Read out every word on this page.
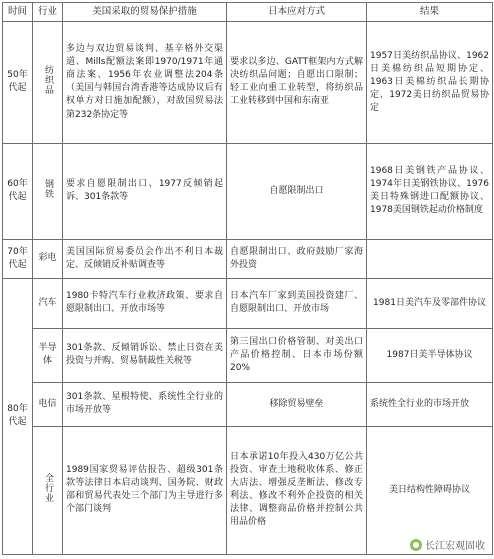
时间	行业	美国采取的贸易保护措施	日本应对方式	结果
50年代起	纺织品	多边与双边贸易谈判、基辛格外交渠道、Mills配额法案即1970/1971年通商法案、1956年农业调整法204条（美国与韩国台湾香港等达成协议后有权单方对日施加配额），对敌国贸易法第232条协定等	要求以多边、GATT框架内方式解决纺织品问题；自愿出口限制；轻工业向重工业转型，将纺织品工业转移到中国和东南亚	1957日美纺织品协议、1962日美棉纺织品短期协定、1963日美棉纺织品长期协定、1972美日纺织品贸易协定
60年代起	钢铁	要求自愿限制出口、1977反倾销起诉、301条款等	自愿限制出口	1968日美钢铁产品协议、1974年日美钢铁协议、1976美日特殊钢进口配额协议、1978美国钢铁起动价格制度
70年代起	彩电	美国国际贸易委员会作出不利日本裁定、反倾销反补贴调查等	自愿限制出口、政府鼓励厂家海外投资	
80年代起	汽车	1980卡特汽车行业救济政策、要求自愿限制出口、开放市场等	日本汽车厂家到美国投资建厂、自愿限制出口、开放市场	1981日美汽车及零部件协议
	半导体	301条款、反倾销诉讼、禁止日资在美投资与并购、贸易制裁性关税等	第三国出口价格管制、对美出口产品价格控制、日本市场份额20%	1987日美半导体协议
	电信	301条款、星根特使、系统性全行业的市场开放等	移除贸易壁垒	系统性全行业的市场开放
	全行业	1989国家贸易评估报告、超级301条款等法律日本启动谈判、国务院、财政部和贸易代表处三个部门为主导进行多个部门谈判	日本承诺10年投入430万亿公共投资、审查土地税收体系、修正大店法、增强反垄断法、修改专利法、修改不利外企投资的相关法律、调整商品价格并控制公共用品价格	美日结构性障碍协议
长江宏观固收
